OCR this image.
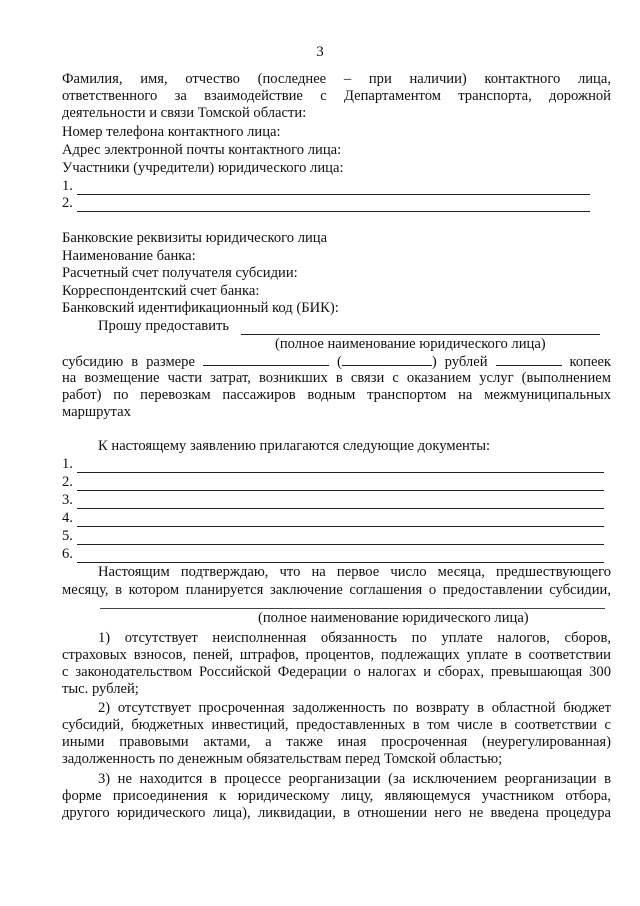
3
Фамилия, имя, отчество (последнее – при наличии) контактного лица,
ответственного за взаимодействие с Департаментом транспорта, дорожной
деятельности и связи Томской области:
Номер телефона контактного лица:
Адрес электронной почты контактного лица:
Участники (учредители) юридического лица:
1.
2.
Банковские реквизиты юридического лица
Наименование банка:
Расчетный счет получателя субсидии:
Корреспондентский счет банка:
Банковский идентификационный код (БИК):
Прошу предоставить
(полное наименование юридического лица)
субсидию в размере	(	) рублей	копеек
на возмещение части затрат, возникших в связи с оказанием услуг (выполнением
работ) по перевозкам пассажиров водным транспортом на межмуниципальных
маршрутах
К настоящему заявлению прилагаются следующие документы:
1.
2.
3.
4.
5.
6.
Настоящим подтверждаю, что на первое число месяца, предшествующего
месяцу, в котором планируется заключение соглашения о предоставлении субсидии,
(полное наименование юридического лица)
1) отсутствует неисполненная обязанность по уплате налогов, сборов,
страховых взносов, пеней, штрафов, процентов, подлежащих уплате в соответствии
с законодательством Российской Федерации о налогах и сборах, превышающая 300
тыс. рублей;
2) отсутствует просроченная задолженность по возврату в областной бюджет
субсидий, бюджетных инвестиций, предоставленных в том числе в соответствии с
иными правовыми актами, а также иная просроченная (неурегулированная)
задолженность по денежным обязательствам перед Томской областью;
3) не находится в процессе реорганизации (за исключением реорганизации в
форме присоединения к юридическому лицу, являющемуся участником отбора,
другого юридического лица), ликвидации, в отношении него не введена процедура
